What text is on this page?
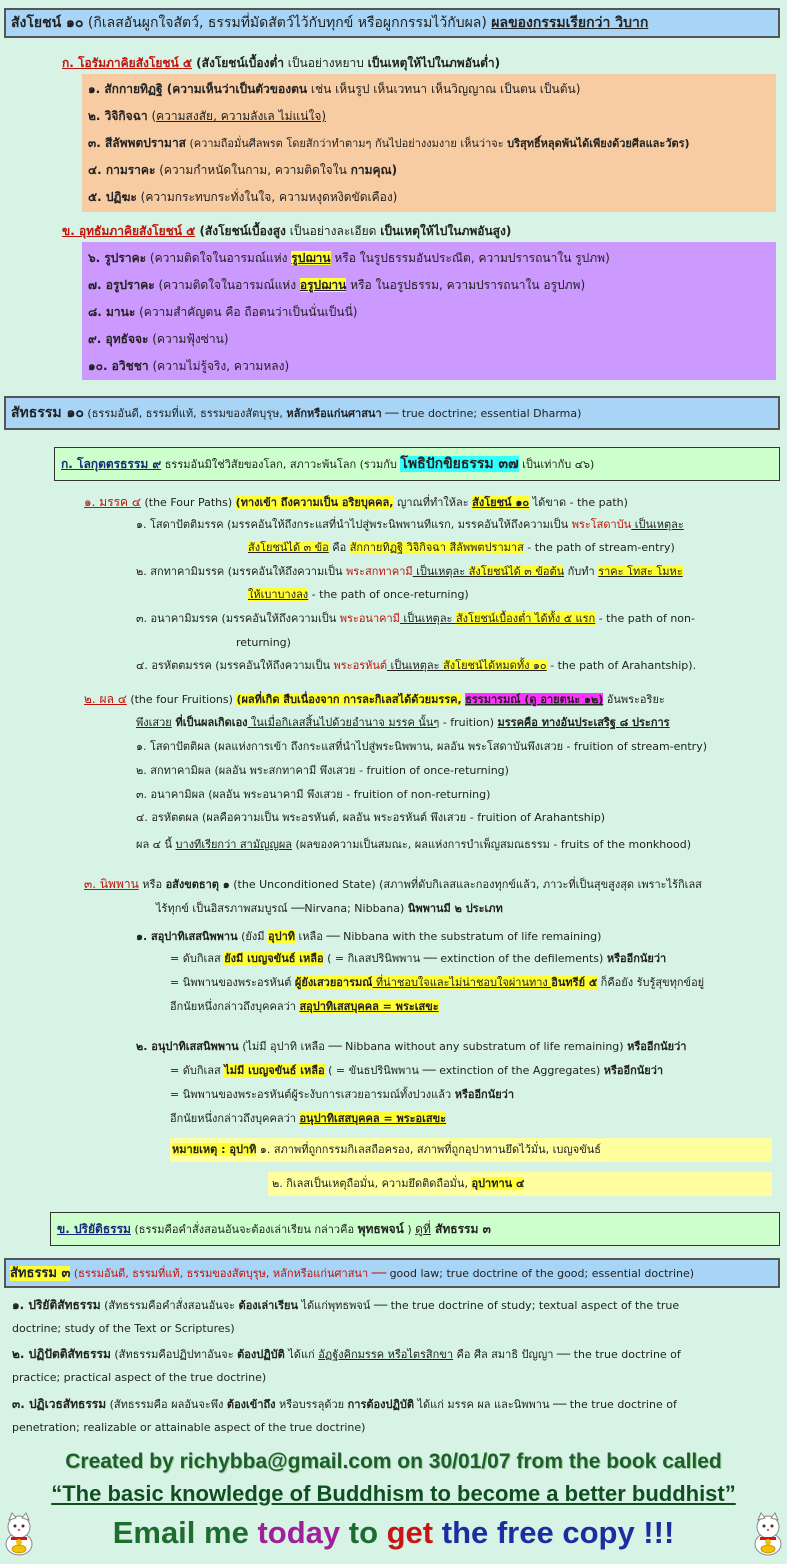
สังโยชน์ ๑๐ (กิเลสอันผูกใจสัตว์, ธรรมที่มัดสัตว์ไว้กับทุกข์ หรือผูกกรรมไว้กับผล) ผลของกรรมเรียกว่า วิบาก
ก. โอรัมภาคิยสังโยชน์ ๕ (สังโยชน์เบื้องต่ำ เป็นอย่างหยาบ เป็นเหตุให้ไปในภพอันต่ำ)
๑. สักกายทิฏฐิ (ความเห็นว่าเป็นตัวของตน เช่น เห็นรูป เห็นเวทนา เห็นวิญญาณ เป็นตน เป็นต้น)
๒. วิจิกิจฉา (ความสงสัย, ความลังเล ไม่แน่ใจ)
๓. สีลัพพตปรามาส (ความถือมั่นศีลพรต โดยสักว่าทำตามๆ กันไปอย่างงมงาย เห็นว่าจะ บริสุทธิ์หลุดพ้นได้เพียงด้วยศีลและวัตร)
๔. กามราคะ (ความกำหนัดในกาม, ความติดใจใน กามคุณ)
๕. ปฏิฆะ (ความกระทบกระทั่งในใจ, ความหงุดหงิดขัดเคือง)
ข. อุทธัมภาคิยสังโยชน์ ๕ (สังโยชน์เบื้องสูง เป็นอย่างละเอียด เป็นเหตุให้ไปในภพอันสูง)
๖. รูปราคะ (ความติดใจในอารมณ์แห่ง รูปฌาน หรือ ในรูปธรรมอันประณีต, ความปรารถนาใน รูปภพ)
๗. อรูปราคะ (ความติดใจในอารมณ์แห่ง อรูปฌาน หรือ ในอรูปธรรม, ความปรารถนาใน อรูปภพ)
๘. มานะ (ความสำคัญตน คือ ถือตนว่าเป็นนั่นเป็นนี่)
๙. อุทธัจจะ (ความฟุ้งซ่าน)
๑๐. อวิชชา (ความไม่รู้จริง, ความหลง)
สัทธรรม ๑๐ (ธรรมอันดี, ธรรมที่แท้, ธรรมของสัตบุรุษ, หลักหรือแก่นศาสนา ── true doctrine; essential Dharma)
ก. โลกุตตรธรรม ๙ ธรรมอันมิใช่วิสัยของโลก, สภาวะพ้นโลก (รวมกับ โพธิปักขิยธรรม ๓๗ เป็นเท่ากับ ๔๖)
๑. มรรค ๔ (the Four Paths) (ทางเข้า ถึงความเป็น อริยบุคคล, ญาณที่ทำให้ละ สังโยชน์ ๑๐ ได้ขาด - the path)
๑. โสดาปัตติมรรค (มรรคอันให้ถึงกระแสที่นำไปสู่พระนิพพานทีแรก, มรรคอันให้ถึงความเป็น พระโสดาบัน เป็นเหตุละ
สังโยชน์ได้ ๓ ข้อ คือ สักกายทิฏฐิ วิจิกิจฉา สีลัพพตปรามาส - the path of stream-entry)
๒. สกทาคามิมรรค (มรรคอันให้ถึงความเป็น พระสกทาคามี เป็นเหตุละ สังโยชน์ได้ ๓ ข้อต้น กับทำ ราคะ โทสะ โมหะ
ให้เบาบางลง - the path of once-returning)
๓. อนาคามิมรรค (มรรคอันให้ถึงความเป็น พระอนาคามี เป็นเหตุละ สังโยชน์เบื้องต่ำ ได้ทั้ง ๕ แรก - the path of non-
returning)
๔. อรหัตตมรรค (มรรคอันให้ถึงความเป็น พระอรหันต์ เป็นเหตุละ สังโยชน์ได้หมดทั้ง ๑๐ - the path of Arahantship).
๒. ผล ๔ (the four Fruitions) (ผลที่เกิด สืบเนื่องจาก การละกิเลสได้ด้วยมรรค, ธรรมารมณ์ (ดู อายตนะ ๑๒) อันพระอริยะ
พึงเสวย ที่เป็นผลเกิดเอง ในเมื่อกิเลสสิ้นไปด้วยอำนาจ มรรค นั้นๆ - fruition) มรรคคือ ทางอันประเสริฐ ๘ ประการ
๑. โสดาปัตติผล (ผลแห่งการเข้า ถึงกระแสที่นำไปสู่พระนิพพาน, ผลอัน พระโสดาบันพึงเสวย - fruition of stream-entry)
๒. สกทาคามิผล (ผลอัน พระสกทาคามี พึงเสวย - fruition of once-returning)
๓. อนาคามิผล (ผลอัน พระอนาคามี พึงเสวย - fruition of non-returning)
๔. อรหัตตผล (ผลคือความเป็น พระอรหันต์, ผลอัน พระอรหันต์ พึงเสวย - fruition of Arahantship)
ผล ๔ นี้ บางทีเรียกว่า สามัญญผล (ผลของความเป็นสมณะ, ผลแห่งการบำเพ็ญสมณธรรม - fruits of the monkhood)
๓. นิพพาน หรือ อสังขตธาตุ ๑ (the Unconditioned State) (สภาพที่ดับกิเลสและกองทุกข์แล้ว, ภาวะที่เป็นสุขสูงสุด เพราะไร้กิเลส
ไร้ทุกข์ เป็นอิสรภาพสมบูรณ์ ──Nirvana; Nibbana) นิพพานมี ๒ ประเภท
๑. สอุปาทิเสสนิพพาน (ยังมี อุปาทิ เหลือ ── Nibbana with the substratum of life remaining)
= ดับกิเลส ยังมี เบญจขันธ์ เหลือ ( = กิเลสปรินิพพาน ── extinction of the defilements) หรืออีกนัยว่า
= นิพพานของพระอรหันต์ ผู้ยังเสวยอารมณ์ ที่น่าชอบใจและไม่น่าชอบใจผ่านทาง อินทรีย์ ๕ ก็คือยัง รับรู้สุขทุกข์อยู่
อีกนัยหนึ่งกล่าวถึงบุคคลว่า สอุปาทิเสสบุคคล = พระเสขะ
๒. อนุปาทิเสสนิพพาน (ไม่มี อุปาทิ เหลือ ── Nibbana without any substratum of life remaining) หรืออีกนัยว่า
= ดับกิเลส ไม่มี เบญจขันธ์ เหลือ ( = ขันธปรินิพพาน ── extinction of the Aggregates) หรืออีกนัยว่า
= นิพพานของพระอรหันต์ผู้ระงับการเสวยอารมณ์ทั้งปวงแล้ว หรืออีกนัยว่า
อีกนัยหนึ่งกล่าวถึงบุคคลว่า อนุปาทิเสสบุคคล = พระอเสขะ
หมายเหตุ : อุปาทิ ๑. สภาพที่ถูกกรรมกิเลสถือครอง, สภาพที่ถูกอุปาทานยึดไว้มั่น, เบญจขันธ์
๒. กิเลสเป็นเหตุถือมั่น, ความยึดติดถือมั่น, อุปาทาน ๔
ข. ปริยัติธรรม (ธรรมคือคำสั่งสอนอันจะต้องเล่าเรียน กล่าวคือ พุทธพจน์ ) ดูที่ สัทธรรม ๓
สัทธรรม ๓ (ธรรมอันดี, ธรรมที่แท้, ธรรมของสัตบุรุษ, หลักหรือแก่นศาสนา ── good law; true doctrine of the good; essential doctrine)
๑. ปริยัติสัทธรรม (สัทธรรมคือคำสั่งสอนอันจะ ต้องเล่าเรียน ได้แก่พุทธพจน์ ── the true doctrine of study; textual aspect of the true
doctrine; study of the Text or Scriptures)
๒. ปฏิปัตติสัทธรรม (สัทธรรมคือปฏิปทาอันจะ ต้องปฏิบัติ ได้แก่ อัฏฐังคิกมรรค หรือไตรสิกขา คือ ศีล สมาธิ ปัญญา ── the true doctrine of
practice; practical aspect of the true doctrine)
๓. ปฏิเวธสัทธรรม (สัทธรรมคือ ผลอันจะพึง ต้องเข้าถึง หรือบรรลุด้วย การต้องปฏิบัติ ได้แก่ มรรค ผล และนิพพาน ── the true doctrine of
penetration; realizable or attainable aspect of the true doctrine)
Created by richybba@gmail.com on 30/01/07 from the book called
“The basic knowledge of Buddhism to become a better buddhist”
Email me today to get the free copy !!!
